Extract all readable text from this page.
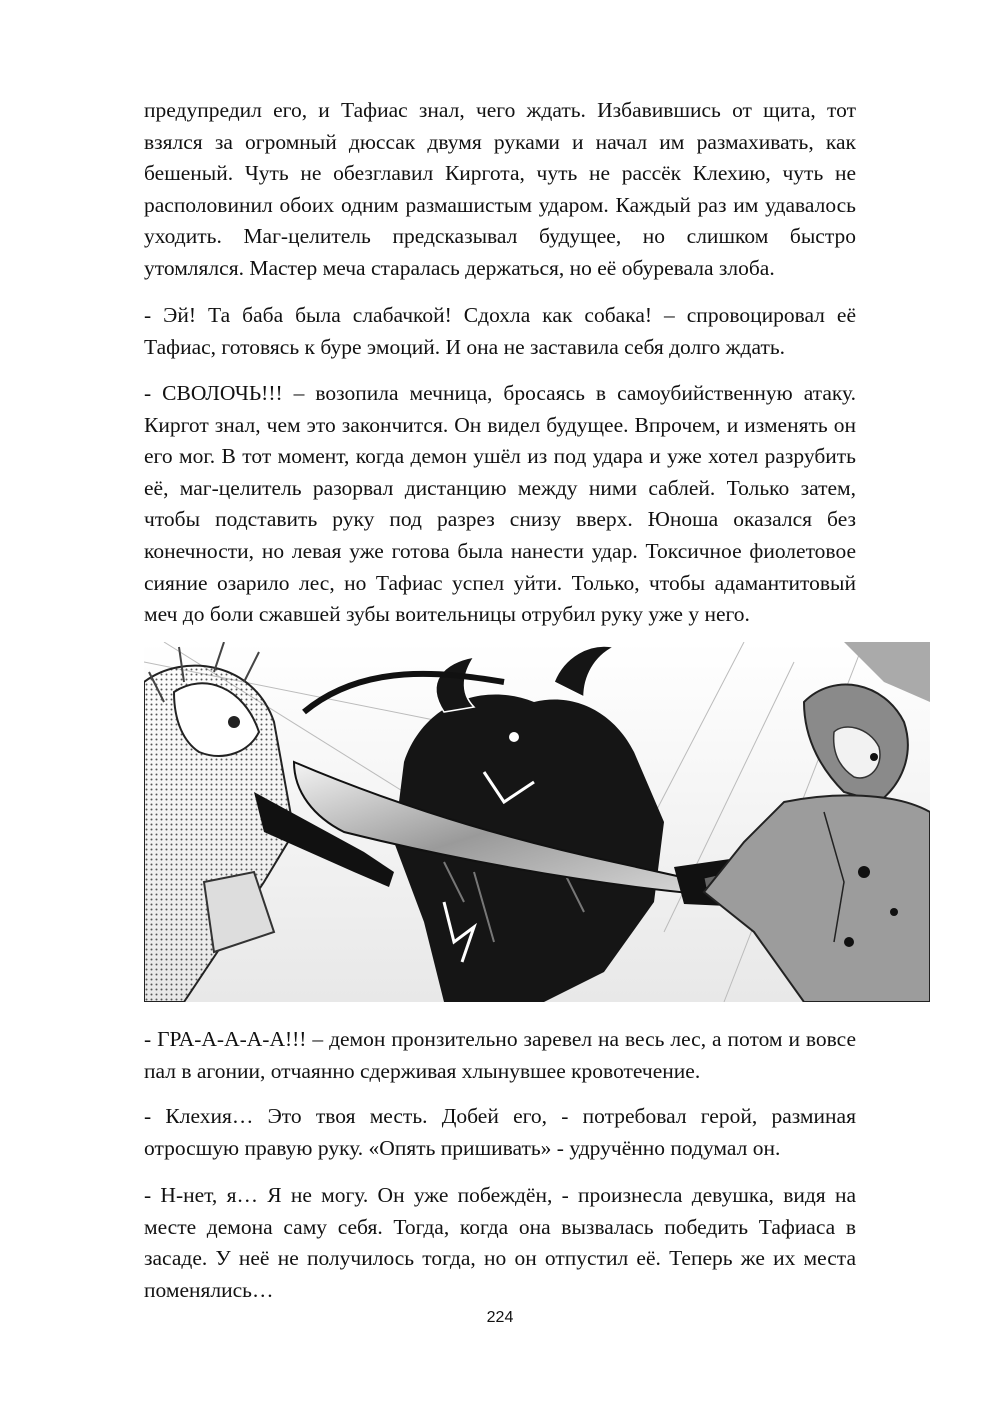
предупредил его, и Тафиас знал, чего ждать. Избавившись от щита, тот взялся за огромный дюссак двумя руками и начал им размахивать, как бешеный. Чуть не обезглавил Киргота, чуть не рассёк Клехию, чуть не располовинил обоих одним размашистым ударом. Каждый раз им удавалось уходить. Маг-целитель предсказывал будущее, но слишком быстро утомлялся. Мастер меча старалась держаться, но её обуревала злоба.

- Эй! Та баба была слабачкой! Сдохла как собака! – спровоцировал её Тафиас, готовясь к буре эмоций. И она не заставила себя долго ждать.

- СВОЛОЧЬ!!! – возопила мечница, бросаясь в самоубийственную атаку. Киргот знал, чем это закончится. Он видел будущее. Впрочем, и изменять он его мог. В тот момент, когда демон ушёл из под удара и уже хотел разрубить её, маг-целитель разорвал дистанцию между ними саблей. Только затем, чтобы подставить руку под разрез снизу вверх. Юноша оказался без конечности, но левая уже готова была нанести удар. Токсичное фиолетовое сияние озарило лес, но Тафиас успел уйти. Только, чтобы адамантитовый меч до боли сжавшей зубы воительницы отрубил руку уже у него.

- ГРА-А-А-А-А!!! – демон пронзительно заревел на весь лес, а потом и вовсе пал в агонии, отчаянно сдерживая хлынувшее кровотечение.

- Клехия… Это твоя месть. Добей его, - потребовал герой, разминая отросшую правую руку. «Опять пришивать» - удручённо подумал он.

- Н-нет, я… Я не могу. Он уже побеждён, - произнесла девушка, видя на месте демона саму себя. Тогда, когда она вызвалась победить Тафиаса в засаде. У неё не получилось тогда, но он отпустил её. Теперь же их места поменялись…

224
